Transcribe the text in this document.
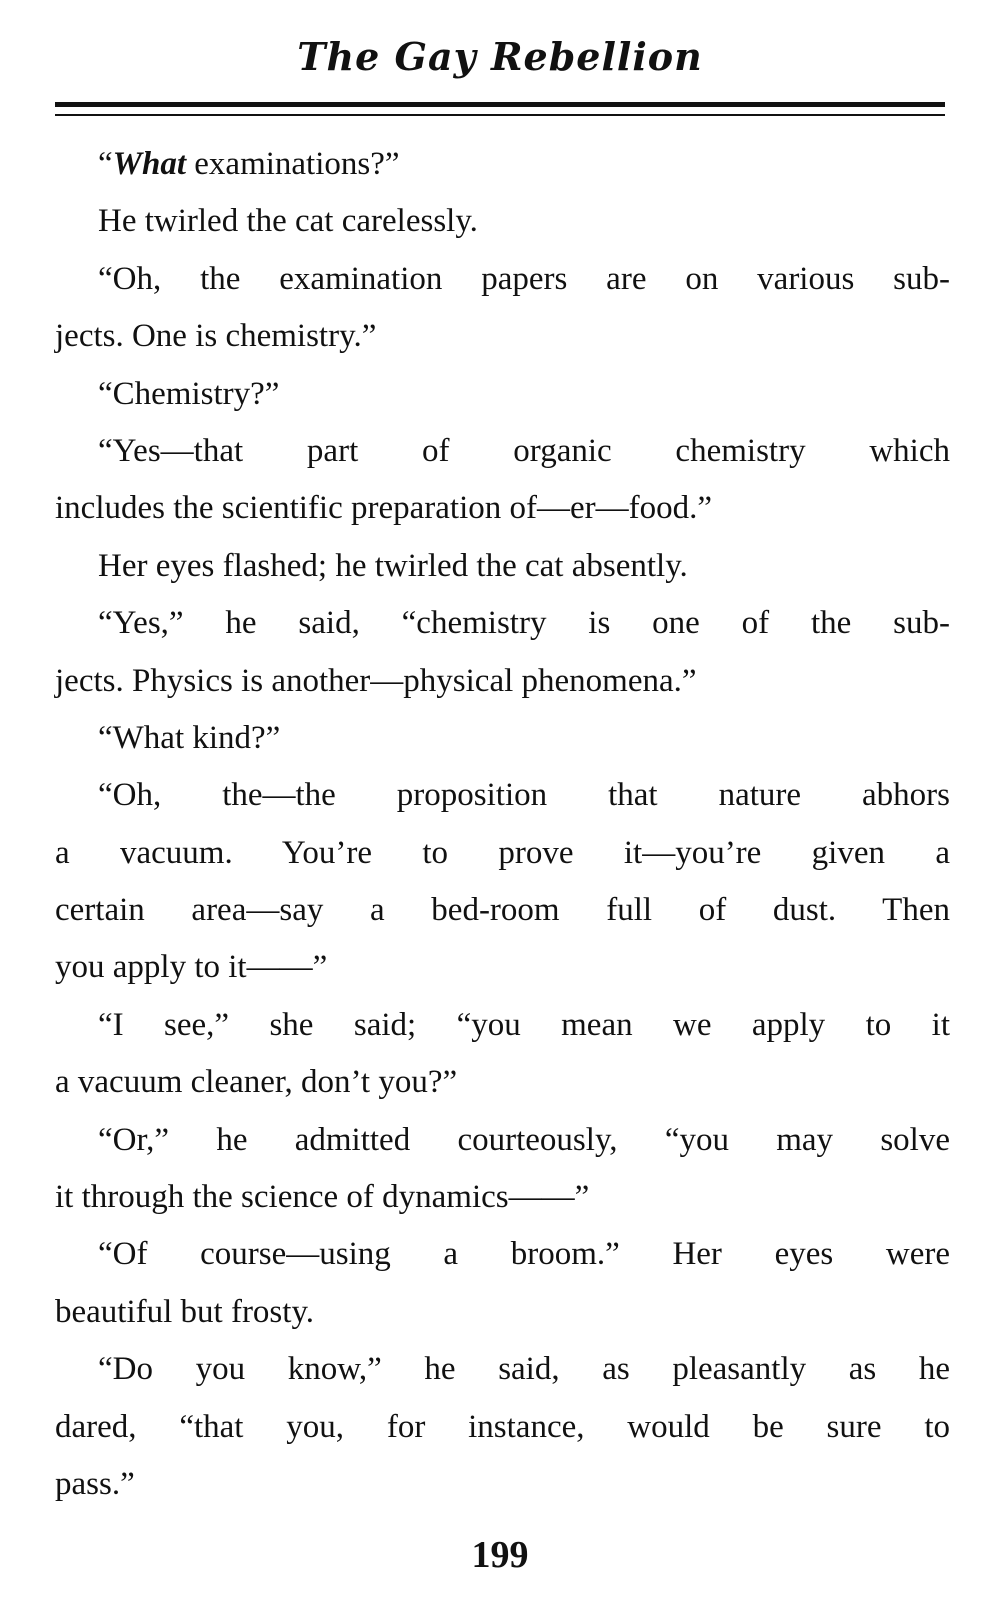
The Gay Rebellion
“What examinations?”
He twirled the cat carelessly.
“Oh, the examination papers are on various sub-
jects. One is chemistry.”
“Chemistry?”
“Yes—that part of organic chemistry which
includes the scientific preparation of—er—food.”
Her eyes flashed; he twirled the cat absently.
“Yes,” he said, “chemistry is one of the sub-
jects. Physics is another—physical phenomena.”
“What kind?”
“Oh, the—the proposition that nature abhors
a vacuum. You’re to prove it—you’re given a
certain area—say a bed-room full of dust. Then
you apply to it——”
“I see,” she said; “you mean we apply to it
a vacuum cleaner, don’t you?”
“Or,” he admitted courteously, “you may solve
it through the science of dynamics——”
“Of course—using a broom.” Her eyes were
beautiful but frosty.
“Do you know,” he said, as pleasantly as he
dared, “that you, for instance, would be sure to
pass.”
199
